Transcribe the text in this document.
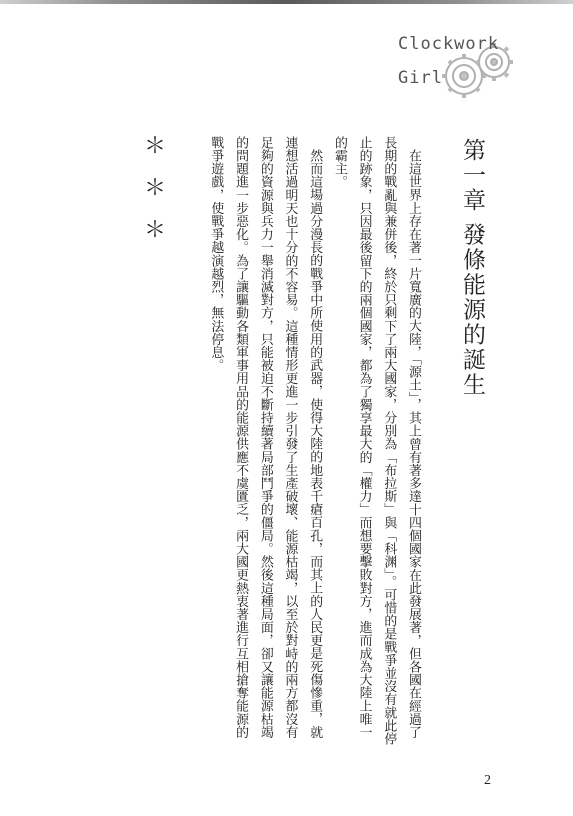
Clockwork
Girl
第一章 發條能源的誕生

在這世界上存在著一片寬廣的大陸，「源土」，其上曾有著多達十四個國家在此發展著，但各國在經過了長期的戰亂與兼併後，終於只剩下了兩大國家，分別為「布拉斯」與「科渊」。可惜的是戰爭並沒有就此停止的跡象，只因最後留下的兩個國家，都為了獨享最大的「權力」而想要擊敗對方，進而成為大陸上唯一的霸主。

然而這場過分漫長的戰爭中所使用的武器，使得大陸的地表千瘡百孔，而其上的人民更是死傷慘重，就連想活過明天也十分的不容易。這種情形更進一步引發了生產破壞、能源枯竭，以至於對峙的兩方都沒有足夠的資源與兵力一舉消滅對方，只能被迫不斷持續著局部鬥爭的僵局。然後這種局面，卻又讓能源枯竭的問題進一步惡化。為了讓驅動各類軍事用品的能源供應不虞匱乏，兩大國更熱衷著進行互相搶奪能源的戰爭遊戲，使戰爭越演越烈，無法停息。

＊
＊
＊
2
